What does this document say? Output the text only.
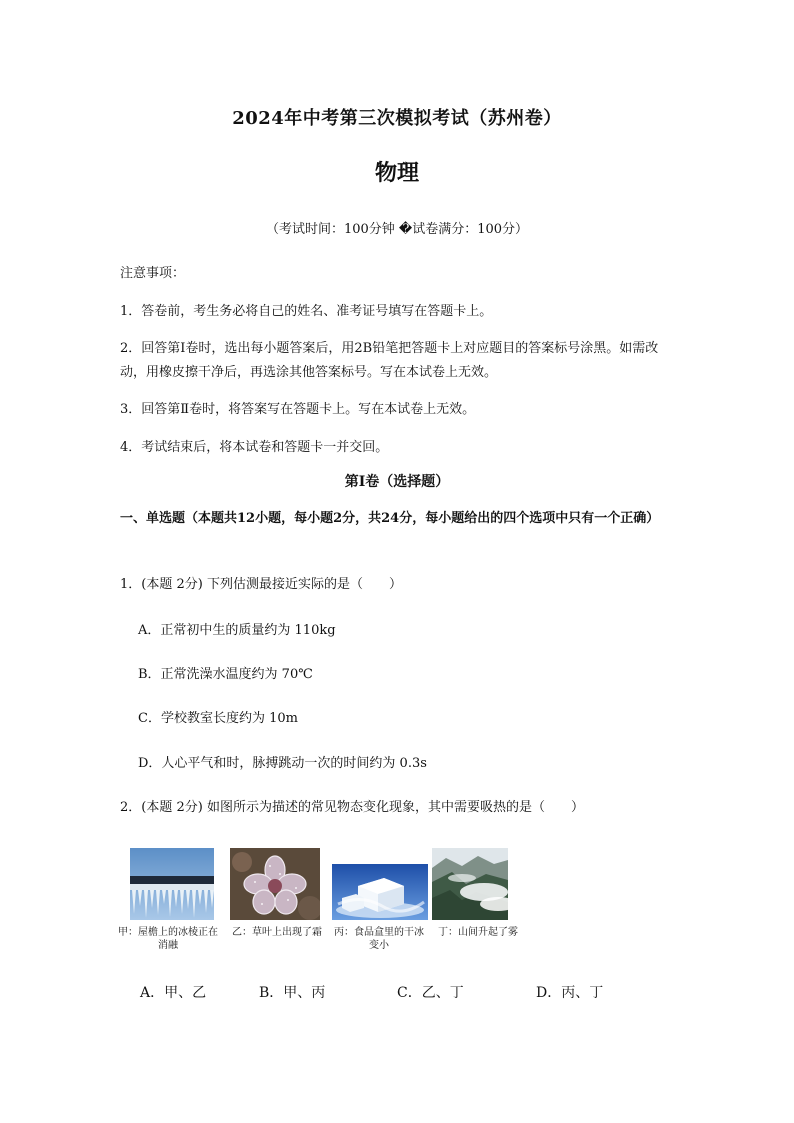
2024年中考第三次模拟考试（苏州卷）
物理
（考试时间：100分钟 �试卷满分：100分）
注意事项：
1．答卷前，考生务必将自己的姓名、准考证号填写在答题卡上。
2．回答第Ⅰ卷时，选出每小题答案后，用2B铅笔把答题卡上对应题目的答案标号涂黑。如需改动，用橡皮擦干净后，再选涂其他答案标号。写在本试卷上无效。
3．回答第Ⅱ卷时，将答案写在答题卡上。写在本试卷上无效。
4．考试结束后，将本试卷和答题卡一并交回。
第Ⅰ卷（选择题）
一、单选题（本题共12小题，每小题2分，共24分，每小题给出的四个选项中只有一个正确）
1．(本题 2分) 下列估测最接近实际的是（　　）
A．正常初中生的质量约为 110kg
B．正常洗澡水温度约为 70℃
C．学校教室长度约为 10m
D．人心平气和时，脉搏跳动一次的时间约为 0.3s
2．(本题 2分) 如图所示为描述的常见物态变化现象，其中需要吸热的是（　　）
甲：屋檐上的冰棱正在消融
乙：草叶上出现了霜	丙：食品盒里的干冰变小
丁：山间升起了雾
A．甲、乙	B．甲、丙	C．乙、丁	D．丙、丁
